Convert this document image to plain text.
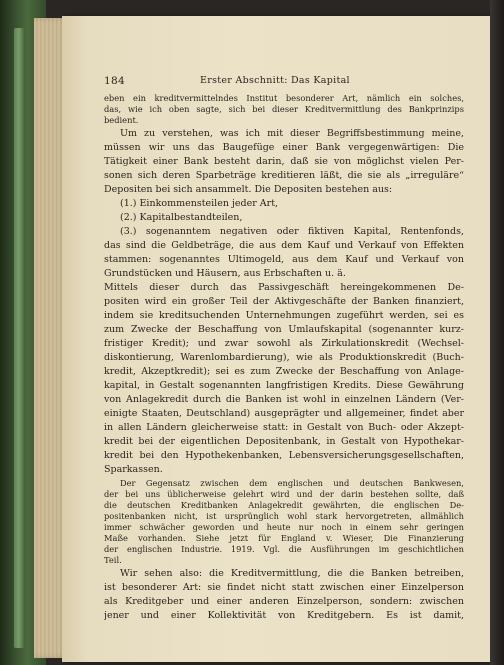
184	Erster Abschnitt: Das Kapital
eben ein kreditvermittelndes Institut besonderer Art, nämlich ein solches,
das, wie ich oben sagte, sich bei dieser Kreditvermittlung des Bankprinzips
bedient.
Um zu verstehen, was ich mit dieser Begriffsbestimmung meine,
müssen wir uns das Baugefüge einer Bank vergegenwärtigen: Die
Tätigkeit einer Bank besteht darin, daß sie von möglichst vielen Per-
sonen sich deren Sparbeträge kreditieren läßt, die sie als „irreguläre“
Depositen bei sich ansammelt. Die Depositen bestehen aus:
(1.) Einkommensteilen jeder Art,
(2.) Kapitalbestandteilen,
(3.) sogenanntem negativen oder fiktiven Kapital, Rentenfonds,
das sind die Geldbeträge, die aus dem Kauf und Verkauf von Effekten
stammen: sogenanntes Ultimogeld, aus dem Kauf und Verkauf von
Grundstücken und Häusern, aus Erbschaften u. ä.
Mittels dieser durch das Passivgeschäft hereingekommenen De-
positen wird ein großer Teil der Aktivgeschäfte der Banken finanziert,
indem sie kreditsuchenden Unternehmungen zugeführt werden, sei es
zum Zwecke der Beschaffung von Umlaufskapital (sogenannter kurz-
fristiger Kredit); und zwar sowohl als Zirkulationskredit (Wechsel-
diskontierung, Warenlombardierung), wie als Produktionskredit (Buch-
kredit, Akzeptkredit); sei es zum Zwecke der Beschaffung von Anlage-
kapital, in Gestalt sogenannten langfristigen Kredits. Diese Gewährung
von Anlagekredit durch die Banken ist wohl in einzelnen Ländern (Ver-
einigte Staaten, Deutschland) ausgeprägter und allgemeiner, findet aber
in allen Ländern gleicherweise statt: in Gestalt von Buch- oder Akzept-
kredit bei der eigentlichen Depositenbank, in Gestalt von Hypothekar-
kredit bei den Hypothekenbanken, Lebensversicherungsgesellschaften,
Sparkassen.
Der Gegensatz zwischen dem englischen und deutschen Bankwesen,
der bei uns üblicherweise gelehrt wird und der darin bestehen sollte, daß
die deutschen Kreditbanken Anlagekredit gewährten, die englischen De-
positenbanken nicht, ist ursprünglich wohl stark hervorgetreten, allmählich
immer schwächer geworden und heute nur noch in einem sehr geringen
Maße vorhanden. Siehe jetzt für England v. Wieser, Die Finanzierung
der englischen Industrie. 1919. Vgl. die Ausführungen im geschichtlichen
Teil.
Wir sehen also: die Kreditvermittlung, die die Banken betreiben,
ist besonderer Art: sie findet nicht statt zwischen einer Einzelperson
als Kreditgeber und einer anderen Einzelperson, sondern: zwischen
jener und einer Kollektivität von Kreditgebern. Es ist damit,
